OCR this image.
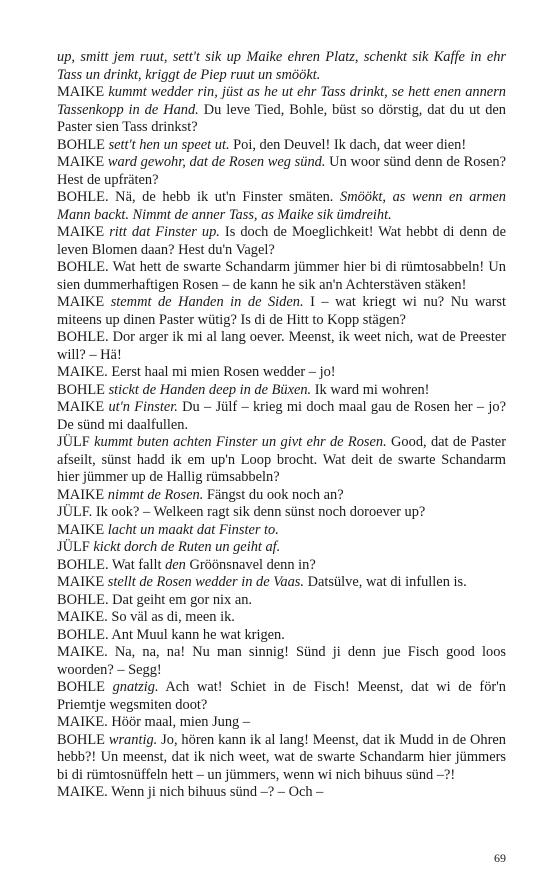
up, smitt jem ruut, sett't sik up Maike ehren Platz, schenkt sik Kaffe in ehr Tass un drinkt, kriggt de Piep ruut un smöökt.

MAIKE kummt wedder rin, jüst as he ut ehr Tass drinkt, se hett enen annern Tassenkopp in de Hand. Du leve Tied, Bohle, büst so dörstig, dat du ut den Paster sien Tass drinkst?

BOHLE sett't hen un speet ut. Poi, den Deuvel! Ik dach, dat weer dien!

MAIKE ward gewohr, dat de Rosen weg sünd. Un woor sünd denn de Rosen? Hest de upfräten?

BOHLE. Nä, de hebb ik ut'n Finster smäten. Smöökt, as wenn en armen Mann backt. Nimmt de anner Tass, as Maike sik ümdreiht.

MAIKE ritt dat Finster up. Is doch de Moeglichkeit! Wat hebbt di denn de leven Blomen daan? Hest du'n Vagel?

BOHLE. Wat hett de swarte Schandarm jümmer hier bi di rümtosabbeln! Un sien dummerhaftigen Rosen – de kann he sik an'n Achterstäven stäken!

MAIKE stemmt de Handen in de Siden. I – wat kriegt wi nu? Nu warst miteens up dinen Paster wütig? Is di de Hitt to Kopp stägen?

BOHLE. Dor arger ik mi al lang oever. Meenst, ik weet nich, wat de Preester will? – Hä!

MAIKE. Eerst haal mi mien Rosen wedder – jo!

BOHLE stickt de Handen deep in de Büxen. Ik ward mi wohren!

MAIKE ut'n Finster. Du – Jülf – krieg mi doch maal gau de Rosen her – jo? De sünd mi daalfullen.

JÜLF kummt buten achten Finster un givt ehr de Rosen. Good, dat de Paster afseilt, sünst hadd ik em up'n Loop brocht. Wat deit de swarte Schandarm hier jümmer up de Hallig rümsabbeln?

MAIKE nimmt de Rosen. Fängst du ook noch an?

JÜLF. Ik ook? – Welkeen ragt sik denn sünst noch doroever up?

MAIKE lacht un maakt dat Finster to.

JÜLF kickt dorch de Ruten un geiht af.

BOHLE. Wat fallt den Gröönsnavel denn in?

MAIKE stellt de Rosen wedder in de Vaas. Datsülve, wat di infullen is.

BOHLE. Dat geiht em gor nix an.

MAIKE. So väl as di, meen ik.

BOHLE. Ant Muul kann he wat krigen.

MAIKE. Na, na, na! Nu man sinnig! Sünd ji denn jue Fisch good loos woorden? – Segg!

BOHLE gnatzig. Ach wat! Schiet in de Fisch! Meenst, dat wi de för'n Priemtje wegsmiten doot?

MAIKE. Höör maal, mien Jung –

BOHLE wrantig. Jo, hören kann ik al lang! Meenst, dat ik Mudd in de Ohren hebb?! Un meenst, dat ik nich weet, wat de swarte Schandarm hier jümmers bi di rümtosnüffeln hett – un jümmers, wenn wi nich bihuus sünd –?!

MAIKE. Wenn ji nich bihuus sünd –? – Och –

69
